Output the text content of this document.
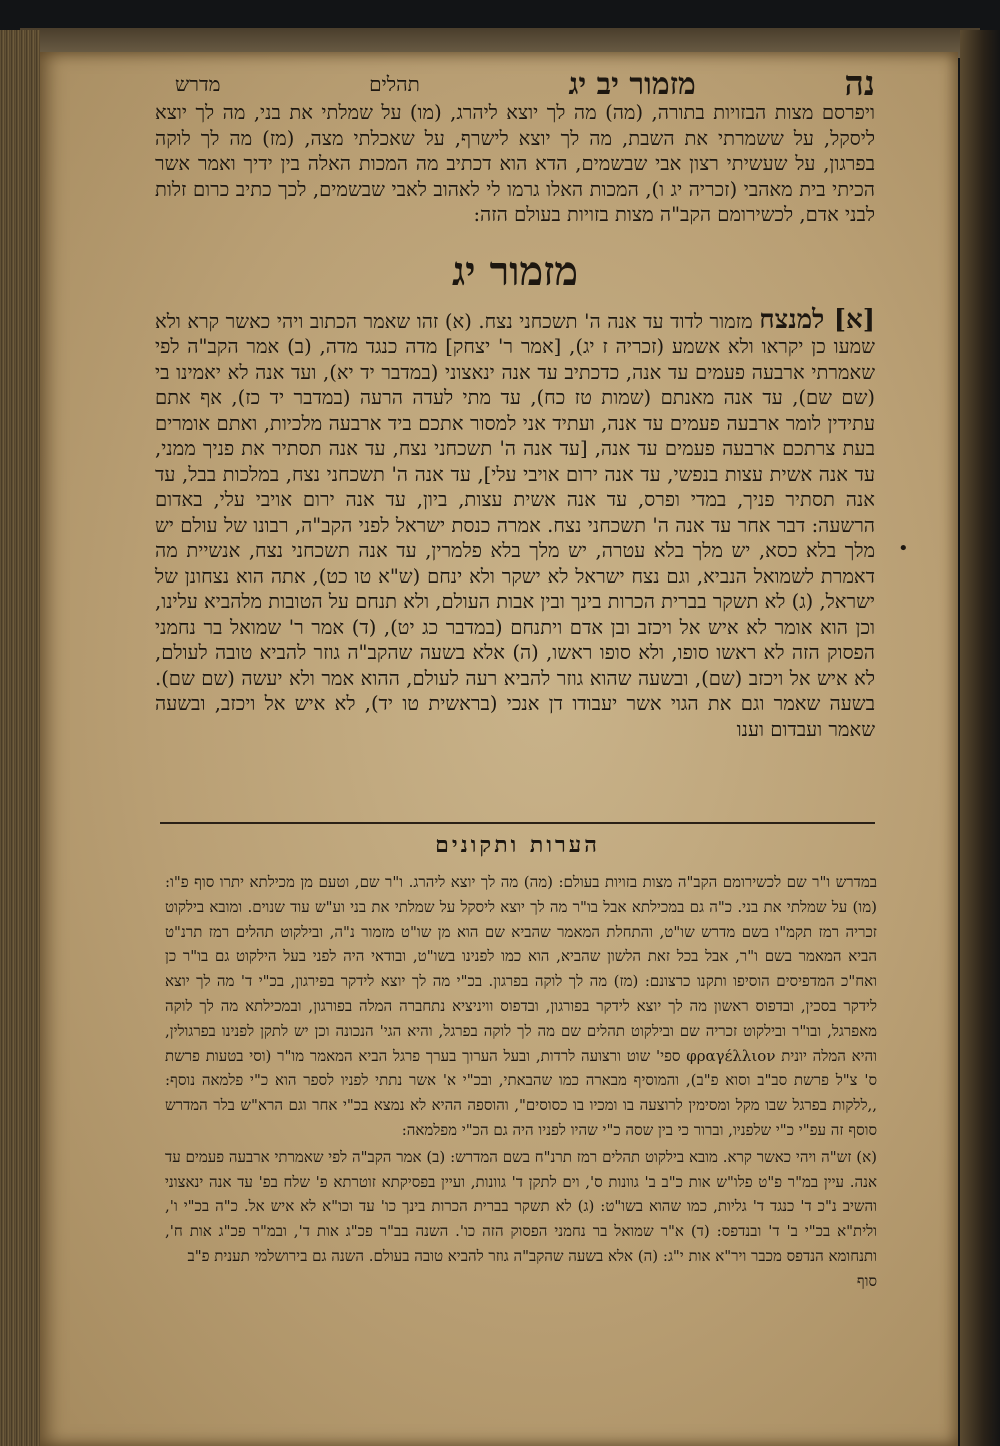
נה
מזמור יב יג
תהלים
מדרש

ויפרסם מצות הבזויות בתורה, (מה) מה לך יוצא ליהרג, (מו) על שמלתי את בני, מה לך יוצא ליסקל, על ששמרתי את השבת, מה לך יוצא לישרף, על שאכלתי מצה, (מז) מה לך לוקה בפרגון, על שעשיתי רצון אבי שבשמים, הדא הוא דכתיב מה המכות האלה בין ידיך ואמר אשר הכיתי בית מאהבי (זכריה יג ו), המכות האלו גרמו לי לאהוב לאבי שבשמים, לכך כתיב כרום זלות לבני אדם, לכשירומם הקב"ה מצות בזויות בעולם הזה:

מזמור יג

[א] למנצח מזמור לדוד עד אנה ה' תשכחני נצח. (א) זהו שאמר הכתוב ויהי כאשר קרא ולא שמעו כן יקראו ולא אשמע (זכריה ז יג), [אמר ר' יצחק] מדה כנגד מדה, (ב) אמר הקב"ה לפי שאמרתי ארבעה פעמים עד אנה, כדכתיב עד אנה ינאצוני (במדבר יד יא), ועד אנה לא יאמינו בי (שם שם), עד אנה מאנתם (שמות טז כח), עד מתי לעדה הרעה (במדבר יד כז), אף אתם עתידין לומר ארבעה פעמים עד אנה, ועתיד אני למסור אתכם ביד ארבעה מלכיות, ואתם אומרים בעת צרתכם ארבעה פעמים עד אנה, [עד אנה ה' תשכחני נצח, עד אנה תסתיר את פניך ממני, עד אנה אשית עצות בנפשי, עד אנה ירום אויבי עלי], עד אנה ה' תשכחני נצח, במלכות בבל, עד אנה תסתיר פניך, במדי ופרס, עד אנה אשית עצות, ביון, עד אנה ירום אויבי עלי, באדום הרשעה: דבר אחר עד אנה ה' תשכחני נצח. אמרה כנסת ישראל לפני הקב"ה, רבונו של עולם יש מלך בלא כסא, יש מלך בלא עטרה, יש מלך בלא פלמרין, עד אנה תשכחני נצח, אנשיית מה דאמרת לשמואל הנביא, וגם נצח ישראל לא ישקר ולא ינחם (ש"א טו כט), אתה הוא נצחונן של ישראל, (ג) לא תשקר בברית הכרות בינך ובין אבות העולם, ולא תנחם על הטובות מלהביא עלינו, וכן הוא אומר לא איש אל ויכזב ובן אדם ויתנחם (במדבר כג יט), (ד) אמר ר' שמואל בר נחמני הפסוק הזה לא ראשו סופו, ולא סופו ראשו, (ה) אלא בשעה שהקב"ה גוזר להביא טובה לעולם, לא איש אל ויכזב (שם), ובשעה שהוא גוזר להביא רעה לעולם, ההוא אמר ולא יעשה (שם שם). בשעה שאמר וגם את הגוי אשר יעבודו דן אנכי (בראשית טו יד), לא איש אל ויכזב, ובשעה שאמר ועבדום וענו

•
הערות ותקונים

במדרש ו"ר שם לכשירומם הקב"ה מצות בזויות בעולם: (מה) מה לך יוצא ליהרג. ו"ר שם, וטעם מן מכילתא יתרו סוף פ"ו: (מו) על שמלתי את בני. כ"ה גם במכילתא אבל בו"ר מה לך יוצא ליסקל על שמלתי את בני וע"ש עוד שנוים. ומובא בילקוט זכריה רמז תקמ"ו בשם מדרש שו"ט, והתחלת המאמר שהביא שם הוא מן שו"ט מזמור נ"ה, ובילקוט תהלים רמז תרנ"ט הביא המאמר בשם ו"ר, אבל בכל זאת הלשון שהביא, הוא כמו לפנינו בשו"ט, ובודאי היה לפני בעל הילקוט גם בו"ר כן ואח"כ המדפיסים הוסיפו ותקנו כרצונם: (מז) מה לך לוקה בפרגון. בכ"י מה לך יוצא לידקר בפירגון, בכ"י ד' מה לך יוצא לידקר בסכין, ובדפוס ראשון מה לך יוצא לידקר בפורגון, ובדפוס וויניציא נתחברה המלה בפורגון, ובמכילתא מה לך לוקה מאפרגל, ובו"ר ובילקוט זכריה שם ובילקוט תהלים שם מה לך לוקה בפרגל, והיא הגי' הנכונה וכן יש לתקן לפנינו בפרגולין, והיא המלה יונית φραγέλλιον ספי' שוט ורצועה לרדות, ובעל הערוך בערך פרגל הביא המאמר מו"ר (וסי בטעות פרשת ס' צ"ל פרשת סב"ב וסוא פ"ב), והמוסיף מבארה כמו שהבאתי, ובכ"י א' אשר נתתי לפניו לספר הוא כ"י פלמאה נוסף: ,,ללקות בפרגל שבו מקל ומסימין לרוצעה בו ומכיו בו כסוסים", והוספה ההיא לא נמצא בכ"י אחר וגם הרא"ש בלר המדרש סוסף זה עפ"י כ"י שלפניו, וברור כי בין שסה כ"י שהיו לפניו היה גם הכ"י מפלמאה:

(א) זש"ה ויהי כאשר קרא. מובא בילקוט תהלים רמז תרנ"ח בשם המדרש: (ב) אמר הקב"ה לפי שאמרתי ארבעה פעמים עד אנה. עיין במ"ר פ"ט פלו"ש אות כ"ב ב' גוונות ס', וים לתקן ד' גוונות, ועיין בפסיקתא זוטרתא פ' שלח בפ' עד אנה ינאצוני והשיב נ"כ ד' כנגד ד' גליות, כמו שהוא בשו"ט: (ג) לא תשקר בברית הכרות בינך כו' עד וכו"א לא איש אל. כ"ה בכ"י ו', ולית"א בכ"י ב' ד' ובנדפס: (ד) א"ר שמואל בר נחמני הפסוק הזה כו'. השנה בב"ר פכ"ג אות ד', ובמ"ר פכ"ג אות ח', ותנחומא הנדפס מכבר ויר"א אות י"ג: (ה) אלא בשעה שהקב"ה גוזר להביא טובה בעולם. השנה גם בירושלמי תענית פ"ב

סוף
